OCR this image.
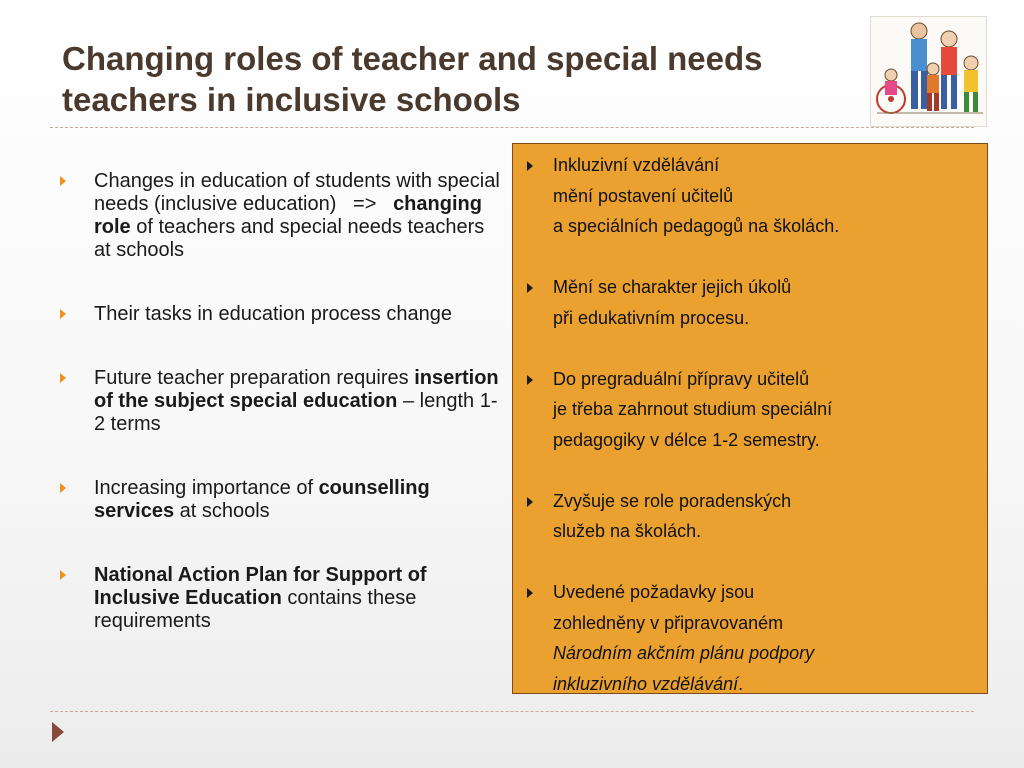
Changing roles of teacher and special needs
teachers in inclusive schools
Changes in education of students with special needs (inclusive education)   =>   changing role of teachers and special needs teachers at schools
Their tasks in education process change
Future teacher preparation requires insertion of the subject special education – length 1-2 terms
Increasing importance of counselling services at schools
National Action Plan for Support of Inclusive Education contains these requirements
Inkluzivní vzdělávání
mění postavení učitelů
a speciálních pedagogů na školách.
Mění se charakter jejich úkolů
při edukativním procesu.
Do pregraduální přípravy učitelů
je třeba zahrnout studium speciální
pedagogiky v délce 1-2 semestry.
Zvyšuje se role poradenských
služeb na školách.
Uvedené požadavky jsou
zohledněny v připravovaném
Národním akčním plánu podpory
inkluzivního vzdělávání.
